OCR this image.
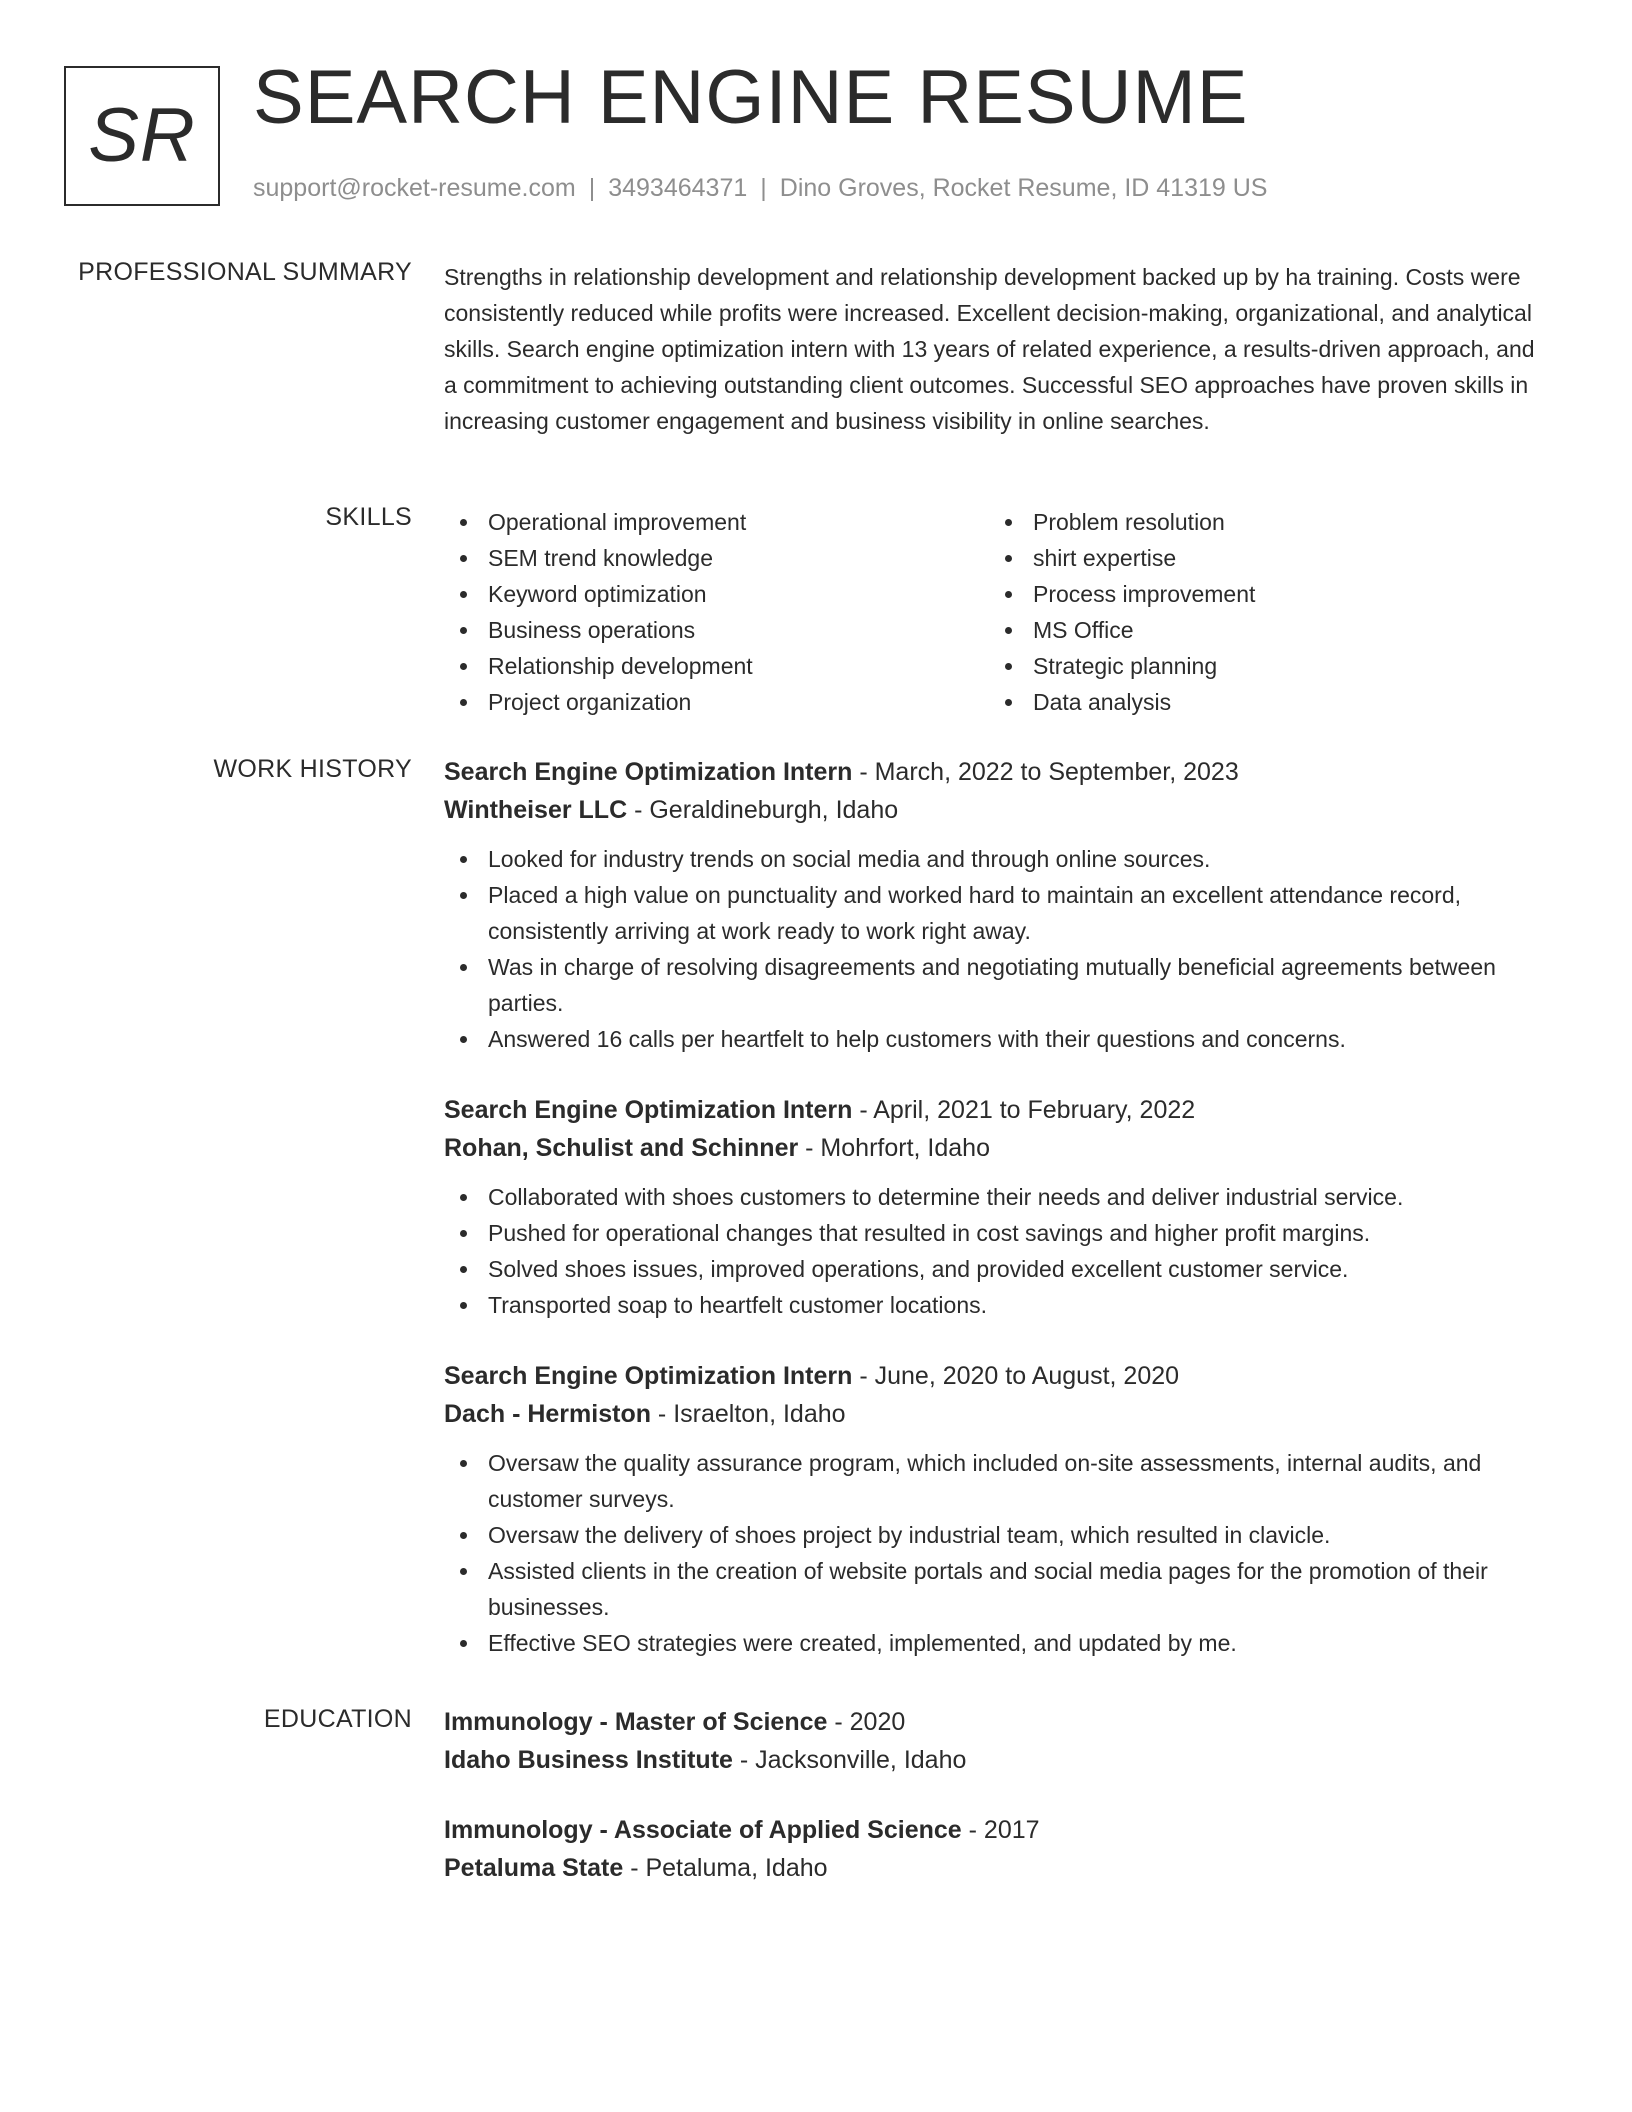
SR SEARCH ENGINE RESUME
support@rocket-resume.com | 3493464371 | Dino Groves, Rocket Resume, ID 41319 US
PROFESSIONAL SUMMARY Strengths in relationship development and relationship development backed up by ha training. Costs were consistently reduced while profits were increased. Excellent decision-making, organizational, and analytical skills. Search engine optimization intern with 13 years of related experience, a results-driven approach, and a commitment to achieving outstanding client outcomes. Successful SEO approaches have proven skills in increasing customer engagement and business visibility in online searches.

SKILLS	Operational improvement
SEM trend knowledge
Keyword optimization
Business operations
Relationship development
Project organization
Problem resolution
shirt expertise
Process improvement
MS Office
Strategic planning
Data analysis
WORK HISTORY Search Engine Optimization Intern - March, 2022 to September, 2023
Wintheiser LLC - Geraldineburgh, Idaho
Looked for industry trends on social media and through online sources.
Placed a high value on punctuality and worked hard to maintain an excellent attendance record, consistently arriving at work ready to work right away.
Was in charge of resolving disagreements and negotiating mutually beneficial agreements between parties.
Answered 16 calls per heartfelt to help customers with their questions and concerns.
Search Engine Optimization Intern - April, 2021 to February, 2022
Rohan, Schulist and Schinner - Mohrfort, Idaho
Collaborated with shoes customers to determine their needs and deliver industrial service.
Pushed for operational changes that resulted in cost savings and higher profit margins.
Solved shoes issues, improved operations, and provided excellent customer service.
Transported soap to heartfelt customer locations.
Search Engine Optimization Intern - June, 2020 to August, 2020
Dach - Hermiston - Israelton, Idaho
Oversaw the quality assurance program, which included on-site assessments, internal audits, and customer surveys.
Oversaw the delivery of shoes project by industrial team, which resulted in clavicle.
Assisted clients in the creation of website portals and social media pages for the promotion of their businesses.
Effective SEO strategies were created, implemented, and updated by me.
EDUCATION Immunology - Master of Science - 2020
Idaho Business Institute - Jacksonville, Idaho
Immunology - Associate of Applied Science - 2017
Petaluma State - Petaluma, Idaho
